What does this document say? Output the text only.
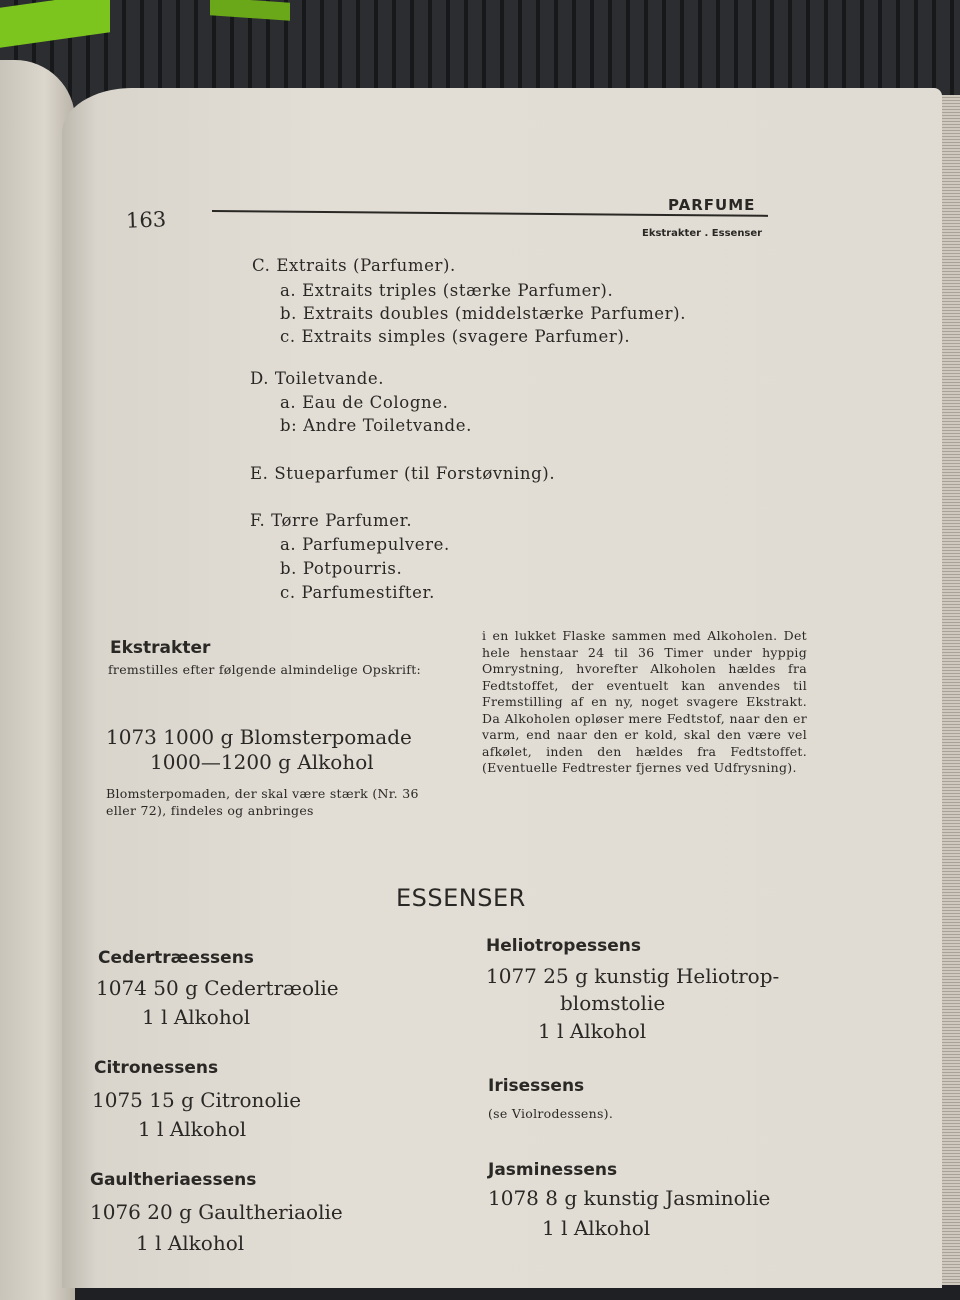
163
PARFUME
Ekstrakter . Essenser
C. Extraits (Parfumer).
a. Extraits triples (stærke Parfumer).
b. Extraits doubles (middelstærke Parfumer).
c. Extraits simples (svagere Parfumer).
D. Toiletvande.
a. Eau de Cologne.
b: Andre Toiletvande.
E. Stueparfumer (til Forstøvning).
F. Tørre Parfumer.
a. Parfumepulvere.
b. Potpourris.
c. Parfumestifter.
Ekstrakter
fremstilles efter følgende almindelige Opskrift:
1073 1000 g Blomsterpomade
1000—1200 g Alkohol
Blomsterpomaden, der skal være stærk (Nr. 36 eller 72), findeles og anbringes
i en lukket Flaske sammen med Alkoholen. Det hele henstaar 24 til 36 Timer under hyppig Omrystning, hvorefter Alkoholen hældes fra Fedtstoffet, der eventuelt kan anvendes til Fremstilling af en ny, noget svagere Ekstrakt. Da Alkoholen opløser mere Fedtstof, naar den er varm, end naar den er kold, skal den være vel afkølet, inden den hældes fra Fedtstoffet. (Eventuelle Fedtrester fjernes ved Udfrysning).
ESSENSER
Cedertræessens
1074 50 g Cedertræolie
1 l Alkohol
Citronessens
1075 15 g Citronolie
1 l Alkohol
Gaultheriaessens
1076 20 g Gaultheriaolie
1 l Alkohol
Heliotropessens
1077 25 g kunstig Heliotrop-
blomstolie
1 l Alkohol
Irisessens
(se Violrodessens).
Jasminessens
1078 8 g kunstig Jasminolie
1 l Alkohol
